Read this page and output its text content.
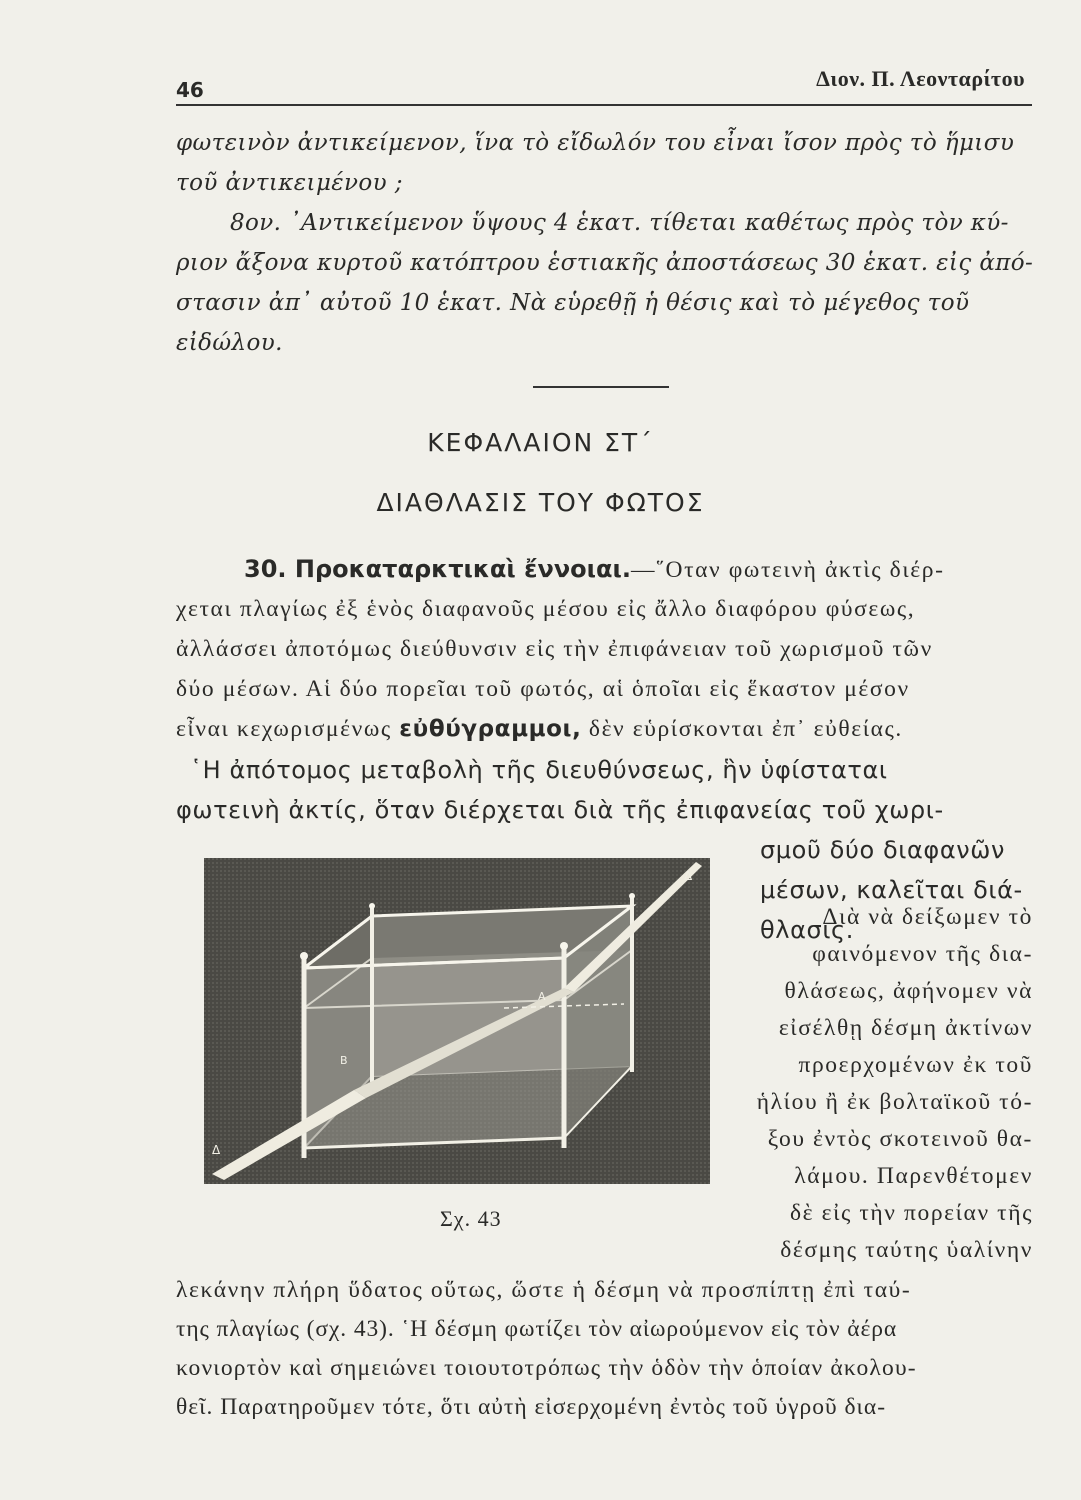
46	Διον. Π. Λεονταρίτου
φωτεινὸν ἀντικείμενον, ἵνα τὸ εἴδωλόν του εἶναι ἴσον πρὸς τὸ ἥμισυ
τοῦ ἀντικειμένου ;
8ον. ᾿Αντικείμενον ὕψους 4 ἑκατ. τίθεται καθέτως πρὸς τὸν κύ-
ριον ἄξονα κυρτοῦ κατόπτρου ἑστιακῆς ἀποστάσεως 30 ἑκατ. εἰς ἀπό-
στασιν ἀπ᾿ αὐτοῦ 10 ἑκατ. Νὰ εὑρεθῇ ἡ θέσις καὶ τὸ μέγεθος τοῦ
εἰδώλου.
ΚΕΦΑΛΑΙΟΝ ΣΤ΄
ΔΙΑΘΛΑΣΙΣ ΤΟΥ ΦΩΤΟΣ
30. Προκαταρκτικαὶ ἔννοιαι.—῞Οταν φωτεινὴ ἀκτὶς διέρ-
χεται πλαγίως ἐξ ἑνὸς διαφανοῦς μέσου εἰς ἄλλο διαφόρου φύσεως,
ἀλλάσσει ἀποτόμως διεύθυνσιν εἰς τὴν ἐπιφάνειαν τοῦ χωρισμοῦ τῶν
δύο μέσων. Αἱ δύο πορεῖαι τοῦ φωτός, αἱ ὁποῖαι εἰς ἕκαστον μέσον
εἶναι κεχωρισμένως εὐθύγραμμοι, δὲν εὑρίσκονται ἐπ᾿ εὐθείας.
῾Η ἀπότομος μεταβολὴ τῆς διευθύνσεως, ἣν ὑφίσταται
φωτεινὴ ἀκτίς, ὅταν διέρχεται διὰ τῆς ἐπιφανείας τοῦ χωρι-
σμοῦ δύο διαφανῶν
μέσων, καλεῖται διά-
θλασις.
Δ
Δ
B
A
Σχ. 43
Διὰ νὰ δείξωμεν τὸ
φαινόμενον τῆς δια-
θλάσεως, ἀφήνομεν νὰ
εἰσέλθῃ δέσμη ἀκτίνων
προερχομένων ἐκ τοῦ
ἡλίου ἢ ἐκ βολταϊκοῦ τό-
ξου ἐντὸς σκοτεινοῦ θα-
λάμου. Παρενθέτομεν
δὲ εἰς τὴν πορείαν τῆς
δέσμης ταύτης ὑαλίνην
λεκάνην πλήρη ὕδατος οὕτως, ὥστε ἡ δέσμη νὰ προσπίπτῃ ἐπὶ ταύ-
της πλαγίως (σχ. 43). ῾Η δέσμη φωτίζει τὸν αἰωρούμενον εἰς τὸν ἀέρα
κονιορτὸν καὶ σημειώνει τοιουτοτρόπως τὴν ὁδὸν τὴν ὁποίαν ἀκολου-
θεῖ. Παρατηροῦμεν τότε, ὅτι αὐτὴ εἰσερχομένη ἐντὸς τοῦ ὑγροῦ δια-
